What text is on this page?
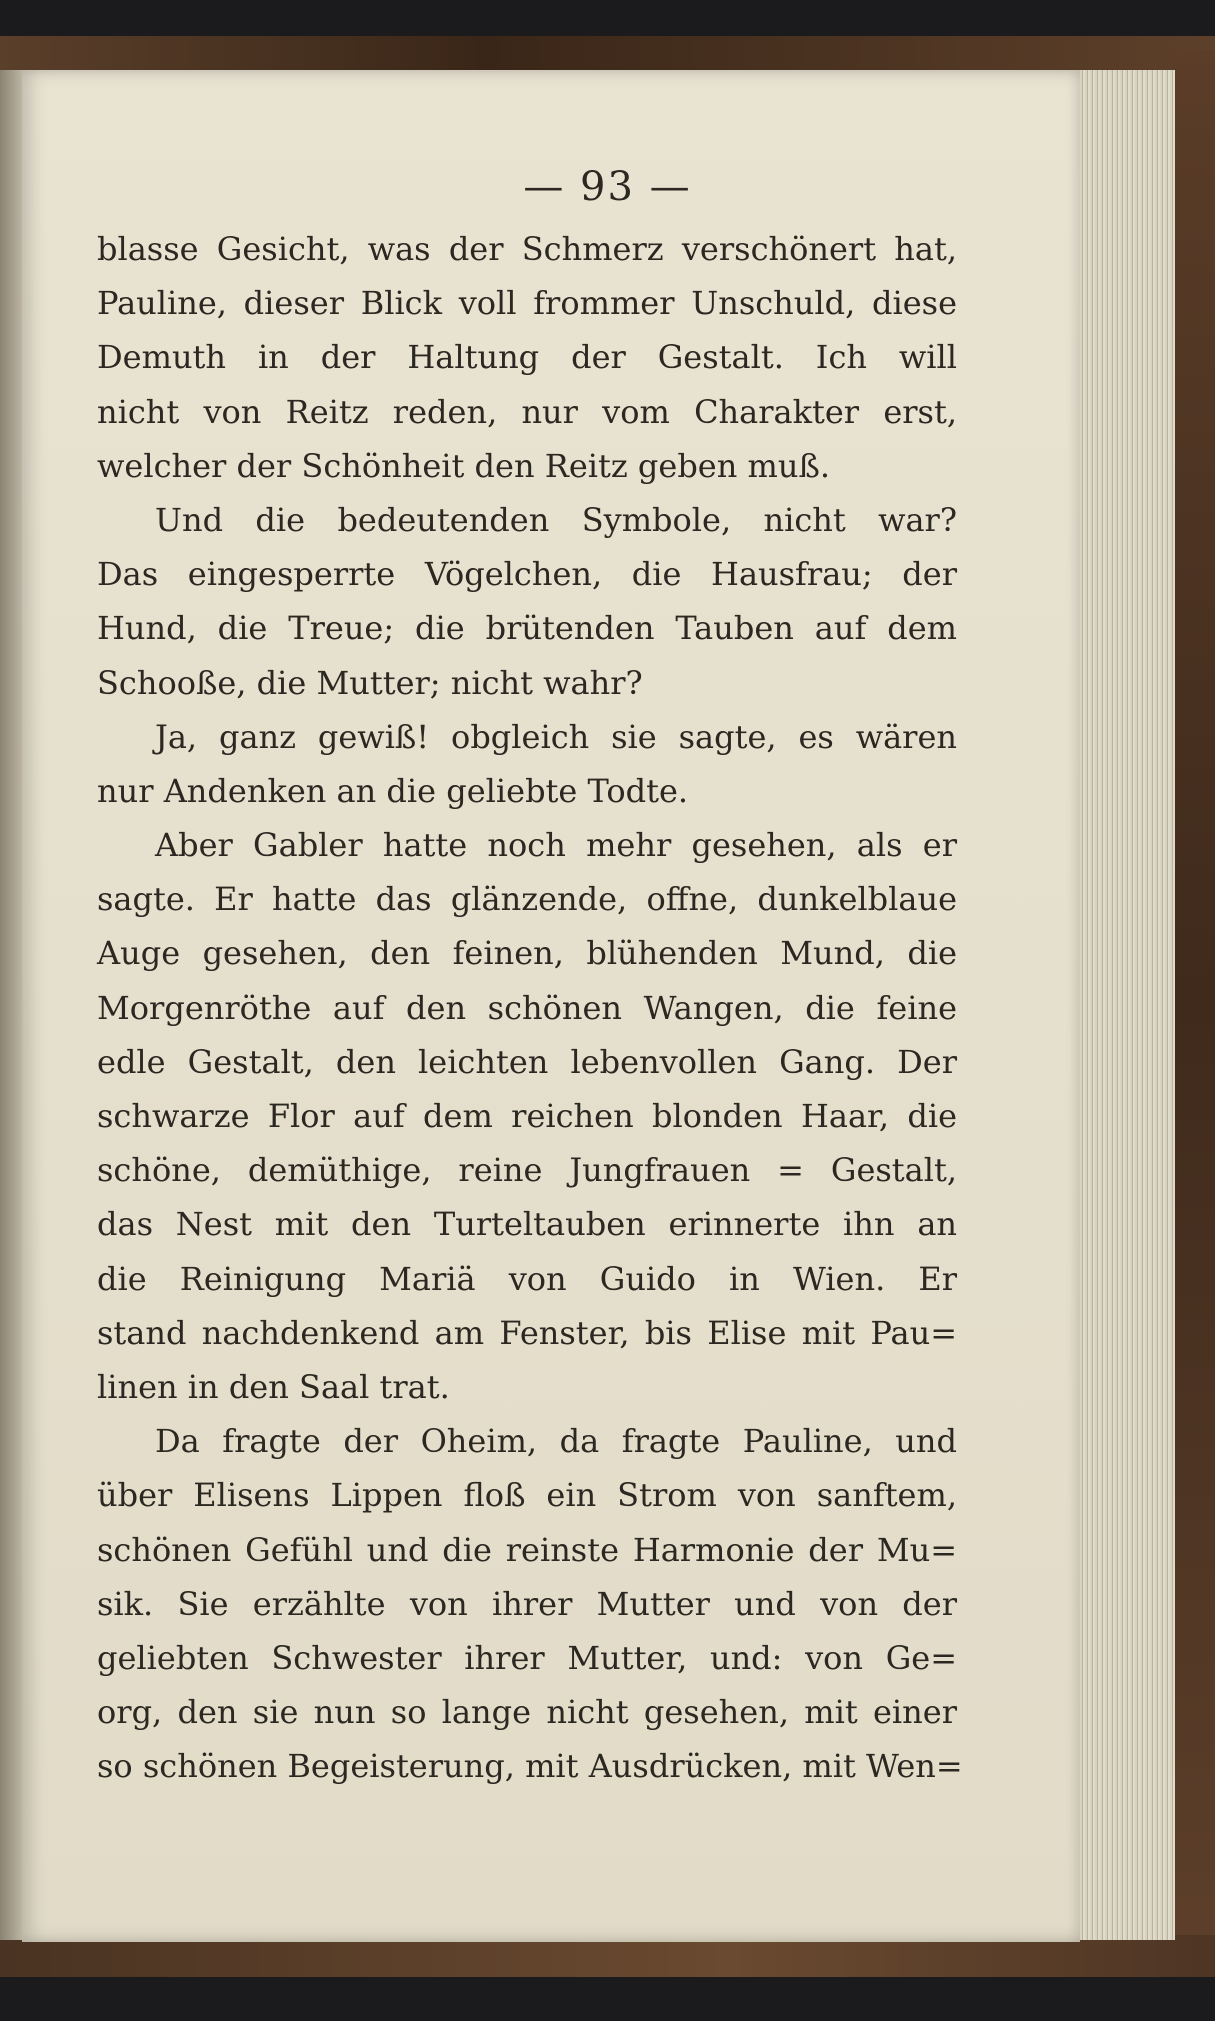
— 93 —
blasse Gesicht, was der Schmerz verschönert hat,
Pauline, dieser Blick voll frommer Unschuld, diese
Demuth in der Haltung der Gestalt. Ich will
nicht von Reitz reden, nur vom Charakter erst,
welcher der Schönheit den Reitz geben muß.
Und die bedeutenden Symbole, nicht war?
Das eingesperrte Vögelchen, die Hausfrau; der
Hund, die Treue; die brütenden Tauben auf dem
Schooße, die Mutter; nicht wahr?
Ja, ganz gewiß! obgleich sie sagte, es wären
nur Andenken an die geliebte Todte.
Aber Gabler hatte noch mehr gesehen, als er
sagte. Er hatte das glänzende, offne, dunkelblaue
Auge gesehen, den feinen, blühenden Mund, die
Morgenröthe auf den schönen Wangen, die feine
edle Gestalt, den leichten lebenvollen Gang. Der
schwarze Flor auf dem reichen blonden Haar, die
schöne, demüthige, reine Jungfrauen = Gestalt,
das Nest mit den Turteltauben erinnerte ihn an
die Reinigung Mariä von Guido in Wien. Er
stand nachdenkend am Fenster, bis Elise mit Pau=
linen in den Saal trat.
Da fragte der Oheim, da fragte Pauline, und
über Elisens Lippen floß ein Strom von sanftem,
schönen Gefühl und die reinste Harmonie der Mu=
sik. Sie erzählte von ihrer Mutter und von der
geliebten Schwester ihrer Mutter, und: von Ge=
org, den sie nun so lange nicht gesehen, mit einer
so schönen Begeisterung, mit Ausdrücken, mit Wen=
